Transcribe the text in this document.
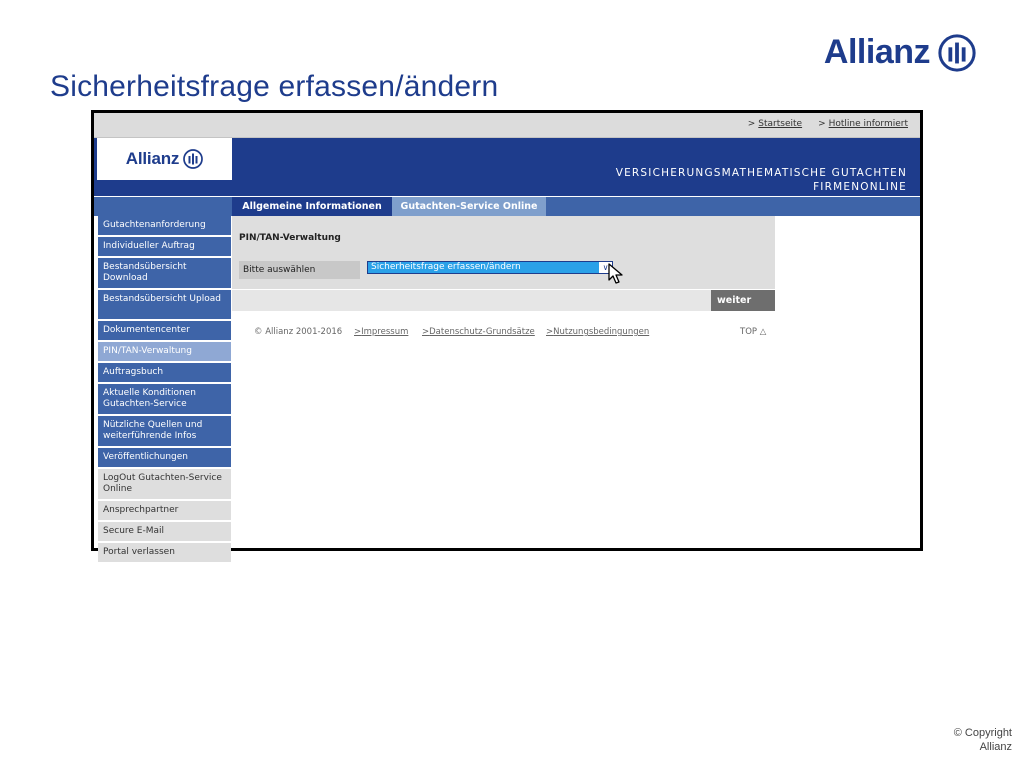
Sicherheitsfrage erfassen/ändern
Allianz
> Startseite > Hotline informiert
Allianz
VERSICHERUNGSMATHEMATISCHE GUTACHTEN
FIRMENONLINE
Allgemeine Informationen	Gutachten-Service Online
Gutachtenanforderung
Individueller Auftrag
Bestandsübersicht Download
Bestandsübersicht Upload
Dokumentencenter
PIN/TAN-Verwaltung
Auftragsbuch
Aktuelle Konditionen Gutachten-Service
Nützliche Quellen und weiterführende Infos
Veröffentlichungen
LogOut Gutachten-Service Online
Ansprechpartner
Secure E-Mail
Portal verlassen
PIN/TAN-Verwaltung
Bitte auswählen	Sicherheitsfrage erfassen/ändern	∨
weiter
© Allianz 2001-2016 >Impressum >Datenschutz-Grundsätze >Nutzungsbedingungen	TOP △
© Copyright
Allianz
